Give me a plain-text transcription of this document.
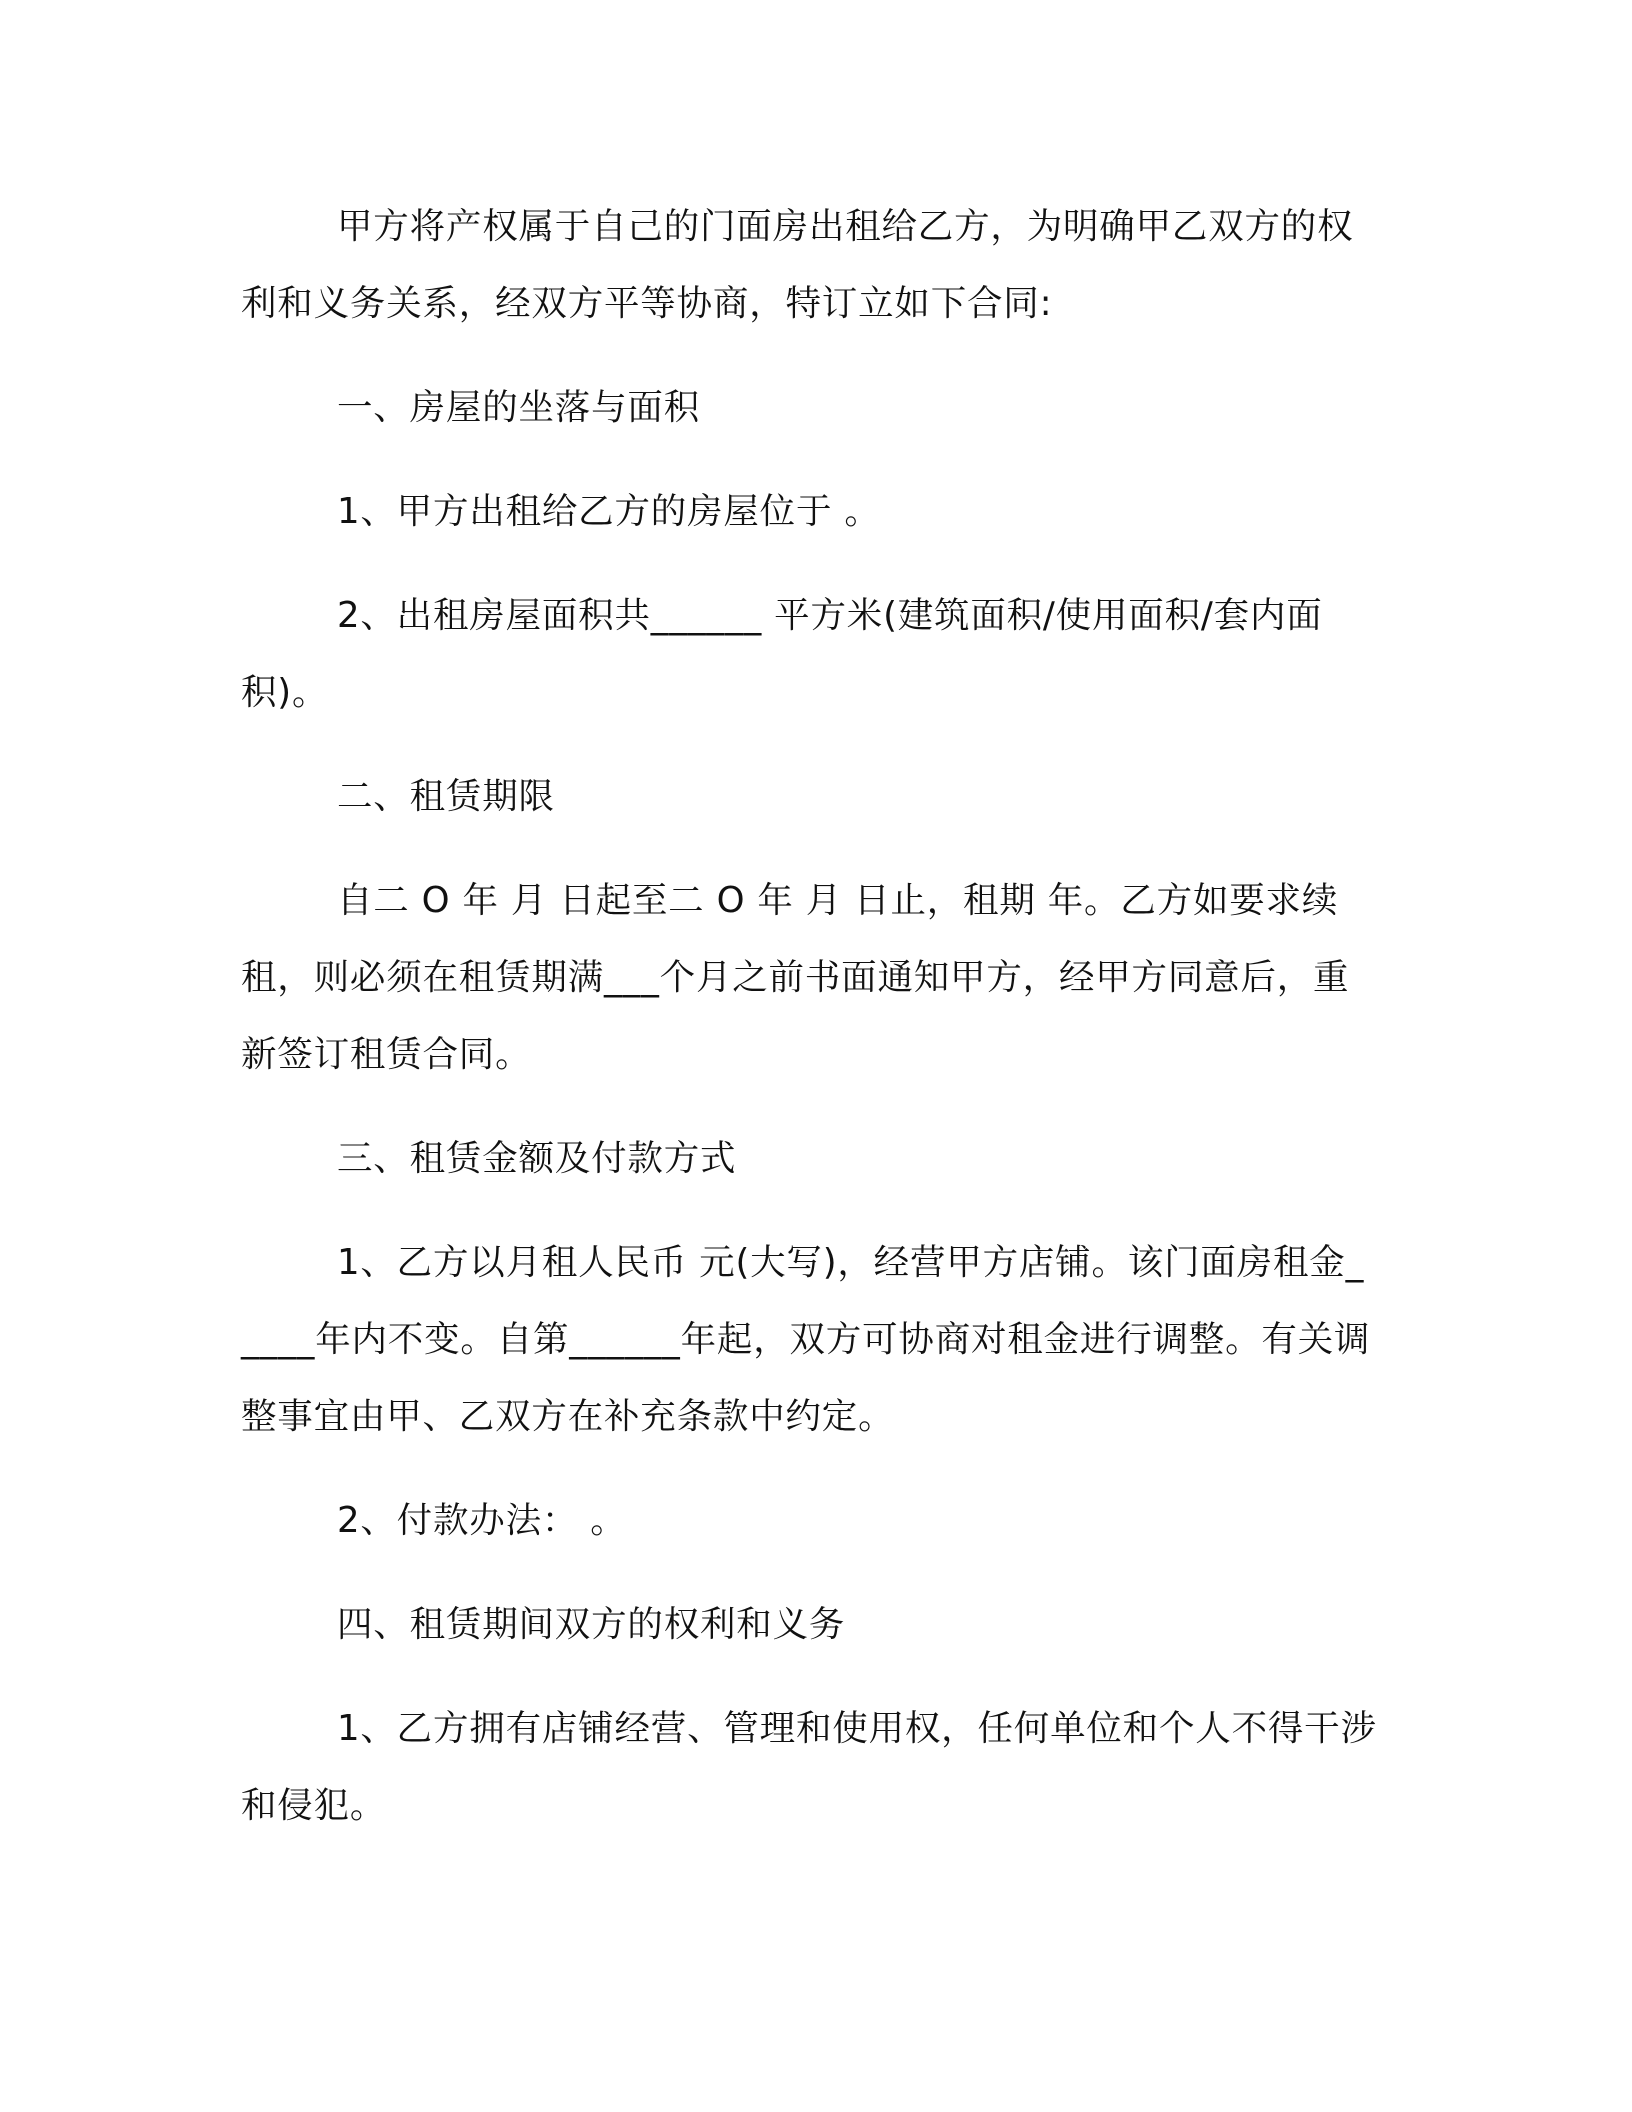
甲方将产权属于自己的门面房出租给乙方，为明确甲乙双方的权利和义务关系，经双方平等协商，特订立如下合同:

一、房屋的坐落与面积

1、甲方出租给乙方的房屋位于 。

2、出租房屋面积共______ 平方米(建筑面积/使用面积/套内面积)。

二、租赁期限

自二 O 年 月 日起至二 O 年 月 日止，租期 年。乙方如要求续租，则必须在租赁期满___个月之前书面通知甲方，经甲方同意后，重新签订租赁合同。

三、租赁金额及付款方式

1、乙方以月租人民币 元(大写)，经营甲方店铺。该门面房租金_____年内不变。自第______年起，双方可协商对租金进行调整。有关调整事宜由甲、乙双方在补充条款中约定。

2、付款办法： 。

四、租赁期间双方的权利和义务

1、乙方拥有店铺经营、管理和使用权，任何单位和个人不得干涉和侵犯。
